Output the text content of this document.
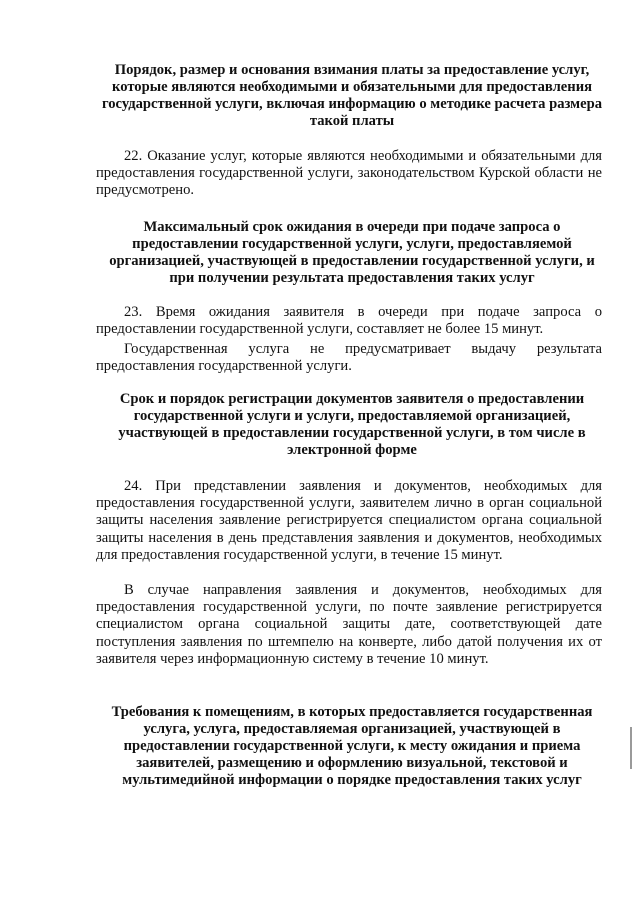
Порядок, размер и основания взимания платы за предоставление услуг, которые являются необходимыми и обязательными для предоставления государственной услуги, включая информацию о методике расчета размера такой платы

22. Оказание услуг, которые являются необходимыми и обязательными для предоставления государственной услуги, законодательством Курской области не предусмотрено.

Максимальный срок ожидания в очереди при подаче запроса о предоставлении государственной услуги, услуги, предоставляемой организацией, участвующей в предоставлении государственной услуги, и при получении результата предоставления таких услуг

23. Время ожидания заявителя в очереди при подаче запроса о предоставлении государственной услуги, составляет не более 15 минут.

Государственная услуга не предусматривает выдачу результата предоставления государственной услуги.

Срок и порядок регистрации документов заявителя о предоставлении государственной услуги и услуги, предоставляемой организацией, участвующей в предоставлении государственной услуги, в том числе в электронной форме

24. При представлении заявления и документов, необходимых для предоставления государственной услуги, заявителем лично в орган социальной защиты населения заявление регистрируется специалистом органа социальной защиты населения в день представления заявления и документов, необходимых для предоставления государственной услуги, в течение 15 минут.

В случае направления заявления и документов, необходимых для предоставления государственной услуги, по почте заявление регистрируется специалистом органа социальной защиты дате, соответствующей дате поступления заявления по штемпелю на конверте, либо датой получения их от заявителя через информационную систему в течение 10 минут.

Требования к помещениям, в которых предоставляется государственная услуга, услуга, предоставляемая организацией, участвующей в предоставлении государственной услуги, к месту ожидания и приема заявителей, размещению и оформлению визуальной, текстовой и мультимедийной информации о порядке предоставления таких услуг
